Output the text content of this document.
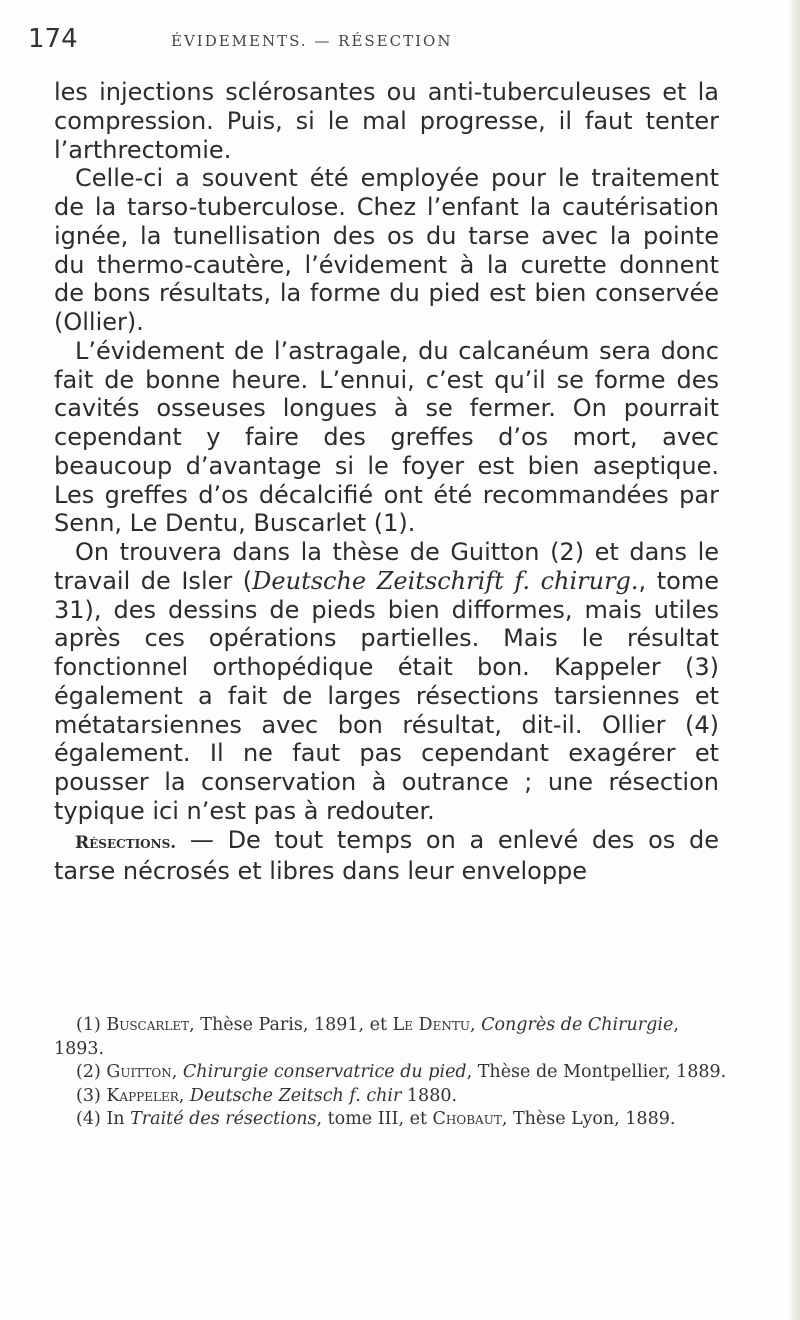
174	ÉVIDEMENTS. — RÉSECTION

les injections sclérosantes ou anti-tuberculeuses et la compression. Puis, si le mal progresse, il faut tenter l’arthrectomie.

Celle-ci a souvent été employée pour le traitement de la tarso-tuberculose. Chez l’enfant la cautérisation ignée, la tunellisation des os du tarse avec la pointe du thermo-cautère, l’évidement à la curette donnent de bons résultats, la forme du pied est bien conservée (Ollier).

L’évidement de l’astragale, du calcanéum sera donc fait de bonne heure. L’ennui, c’est qu’il se forme des cavités osseuses longues à se fermer. On pourrait cependant y faire des greffes d’os mort, avec beaucoup d’avantage si le foyer est bien aseptique. Les greffes d’os décalcifié ont été recommandées par Senn, Le Dentu, Buscarlet (1).

On trouvera dans la thèse de Guitton (2) et dans le travail de Isler (Deutsche Zeitschrift f. chirurg., tome 31), des dessins de pieds bien difformes, mais utiles après ces opérations partielles. Mais le résultat fonctionnel orthopédique était bon. Kappeler (3) également a fait de larges résections tarsiennes et métatarsiennes avec bon résultat, dit-il. Ollier (4) également. Il ne faut pas cependant exagérer et pousser la conservation à outrance ; une résection typique ici n’est pas à redouter.

Résections. — De tout temps on a enlevé des os de tarse nécrosés et libres dans leur enveloppe

(1) Buscarlet, Thèse Paris, 1891, et Le Dentu, Congrès de Chirurgie, 1893.

(2) Guitton, Chirurgie conservatrice du pied, Thèse de Montpellier, 1889.

(3) Kappeler, Deutsche Zeitsch f. chir 1880.

(4) In Traité des résections, tome III, et Chobaut, Thèse Lyon, 1889.
